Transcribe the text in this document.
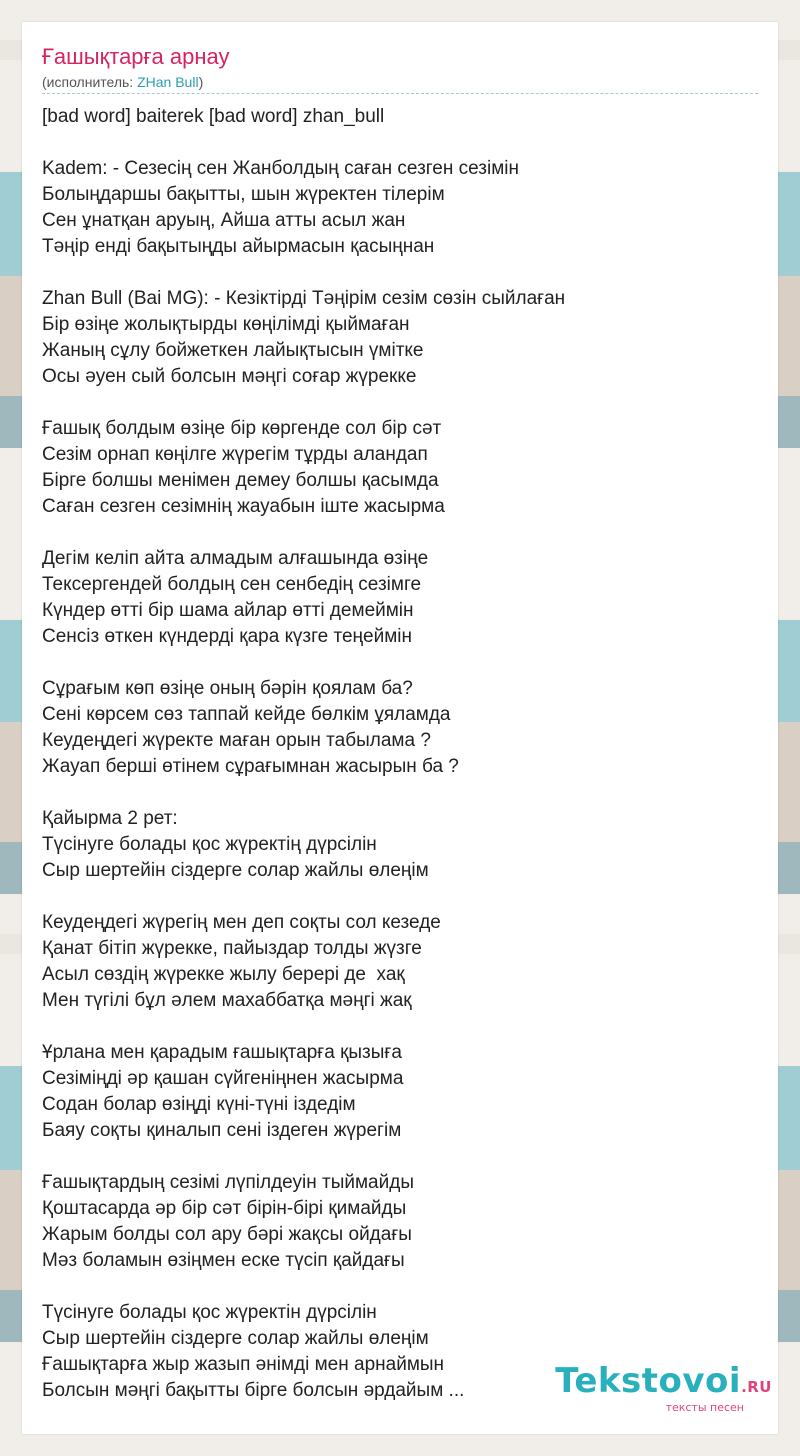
Ғашықтарға арнау
(исполнитель: ZHan Bull)
[bad word] baiterek [bad word] zhan_bull
Kadem: - Сезесің сен Жанболдың саған сезген сезімін
Болыңдаршы бақытты, шын жүректен тілерім
Сен ұнатқан аруың, Айша атты асыл жан
Тәңір енді бақытыңды айырмасын қасыңнан
Zhan Bull (Bai MG): - Кезіктірді Тәңірім сезім сөзін сыйлаған
Бір өзіңе жолықтырды көңілімді қыймаған
Жаның сұлу бойжеткен лайықтысын үмітке
Осы әуен сый болсын мәңгі соғар жүрекке
Ғашық болдым өзіңе бір көргенде сол бір сәт
Сезім орнап көңілге жүрегім тұрды аландап
Бірге болшы менімен демеу болшы қасымда
Саған сезген сезімнің жауабын іште жасырма
Дегім келіп айта алмадым алғашында өзіңе
Тексергендей болдың сен сенбедің сезімге
Күндер өтті бір шама айлар өтті демеймін
Сенсіз өткен күндерді қара күзге теңеймін
Сұрағым көп өзіңе оның бәрін қоялам ба?
Сені көрсем сөз таппай кейде бөлкім ұяламда
Кеудеңдегі жүректе маған орын табылама ?
Жауап берші өтінем сұрағымнан жасырын ба ?
Қайырма 2 рет:
Түсінуге болады қос жүректің дүрсілін
Сыр шертейін сіздерге солар жайлы өлеңім
Кеудеңдегі жүрегің мен деп соқты сол кезеде
Қанат бітіп жүрекке, пайыздар толды жүзге
Асыл сөздің жүрекке жылу берері де  хақ
Мен түгілі бұл әлем махаббатқа мәңгі жақ
Ұрлана мен қарадым ғашықтарға қызыға
Сезіміңді әр қашан сүйгеніңнен жасырма
Содан болар өзіңді күні-түні іздедім
Баяу соқты қиналып сені іздеген жүрегім
Ғашықтардың сезімі лүпілдеуін тыймайды
Қоштасарда әр бір сәт бірін-бірі қимайды
Жарым болды сол ару бәрі жақсы ойдағы
Мәз боламын өзіңмен еске түсіп қайдағы
Түсінуге болады қос жүректін дүрсілін
Сыр шертейін сіздерге солар жайлы өлеңім
Ғашықтарға жыр жазып әнімді мен арнаймын
Болсын мәңгі бақытты бірге болсын әрдайым ...	Tekstovoi.RU
тексты песен
